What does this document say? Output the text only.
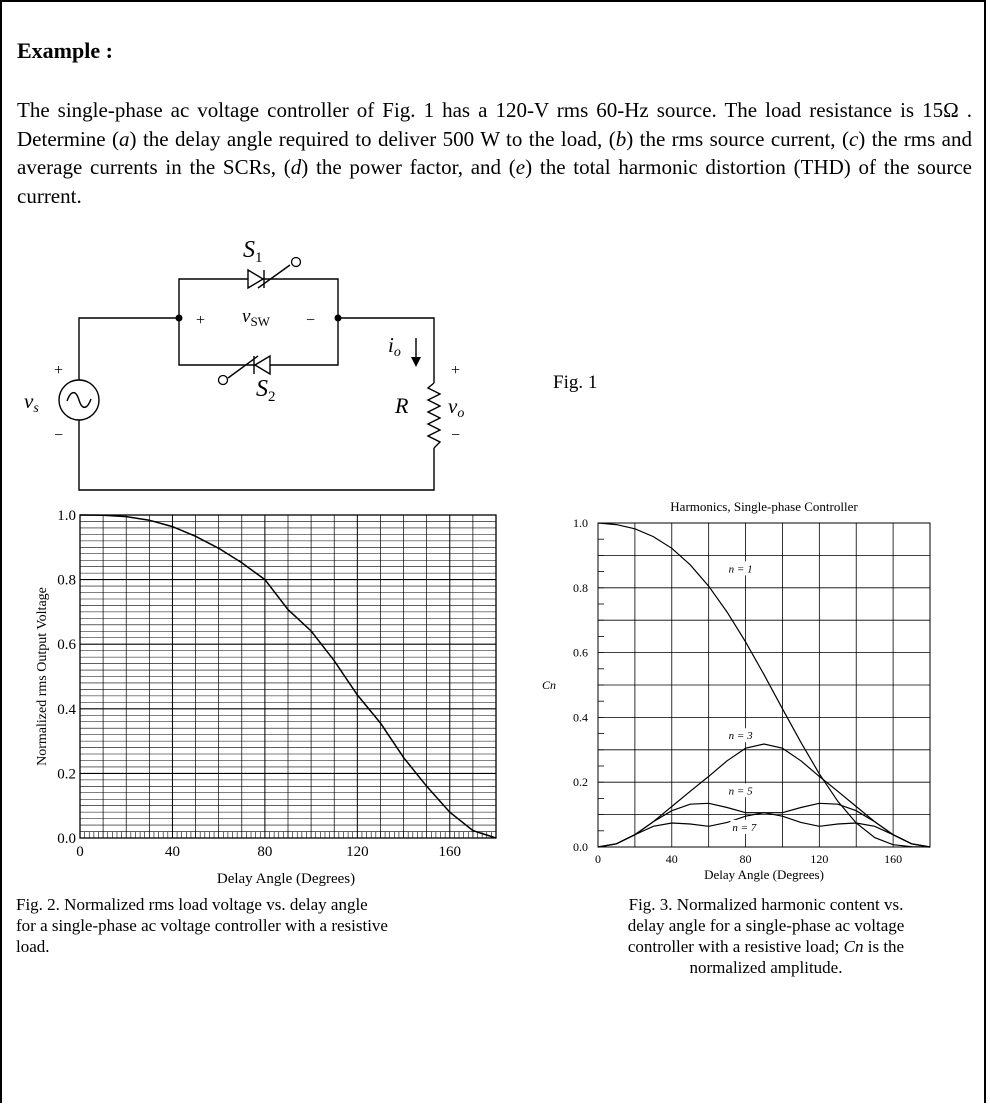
Example :
The single-phase ac voltage controller of Fig. 1 has a 120-V rms 60-Hz source. The load resistance is 15Ω . Determine (a) the delay angle required to deliver 500 W to the load, (b) the rms source current, (c) the rms and average currents in the SCRs, (d) the power factor, and (e) the total harmonic distortion (THD) of the source current.
$S_1$
$S_2$
$v_{SW}$
vs
io
R vo
+	−
+
−
+
−
Fig. 1
0	40	80	120	160
0.0
0.2
0.4
0.6
0.8
1.0
Delay Angle (Degrees)
Normalized rms Output Voltage
n = 1
n = 3
n = 5
n = 7
0	40	80	120	160
0.0
0.2
0.4
0.6
0.8
1.0
Harmonics, Single-phase Controller
Delay Angle (Degrees)
Cn
Fig. 2. Normalized rms load voltage vs. delay angle
for a single-phase ac voltage controller with a resistive
load.
Fig. 3. Normalized harmonic content vs.
delay angle for a single-phase ac voltage
controller with a resistive load; Cn is the
normalized amplitude.
